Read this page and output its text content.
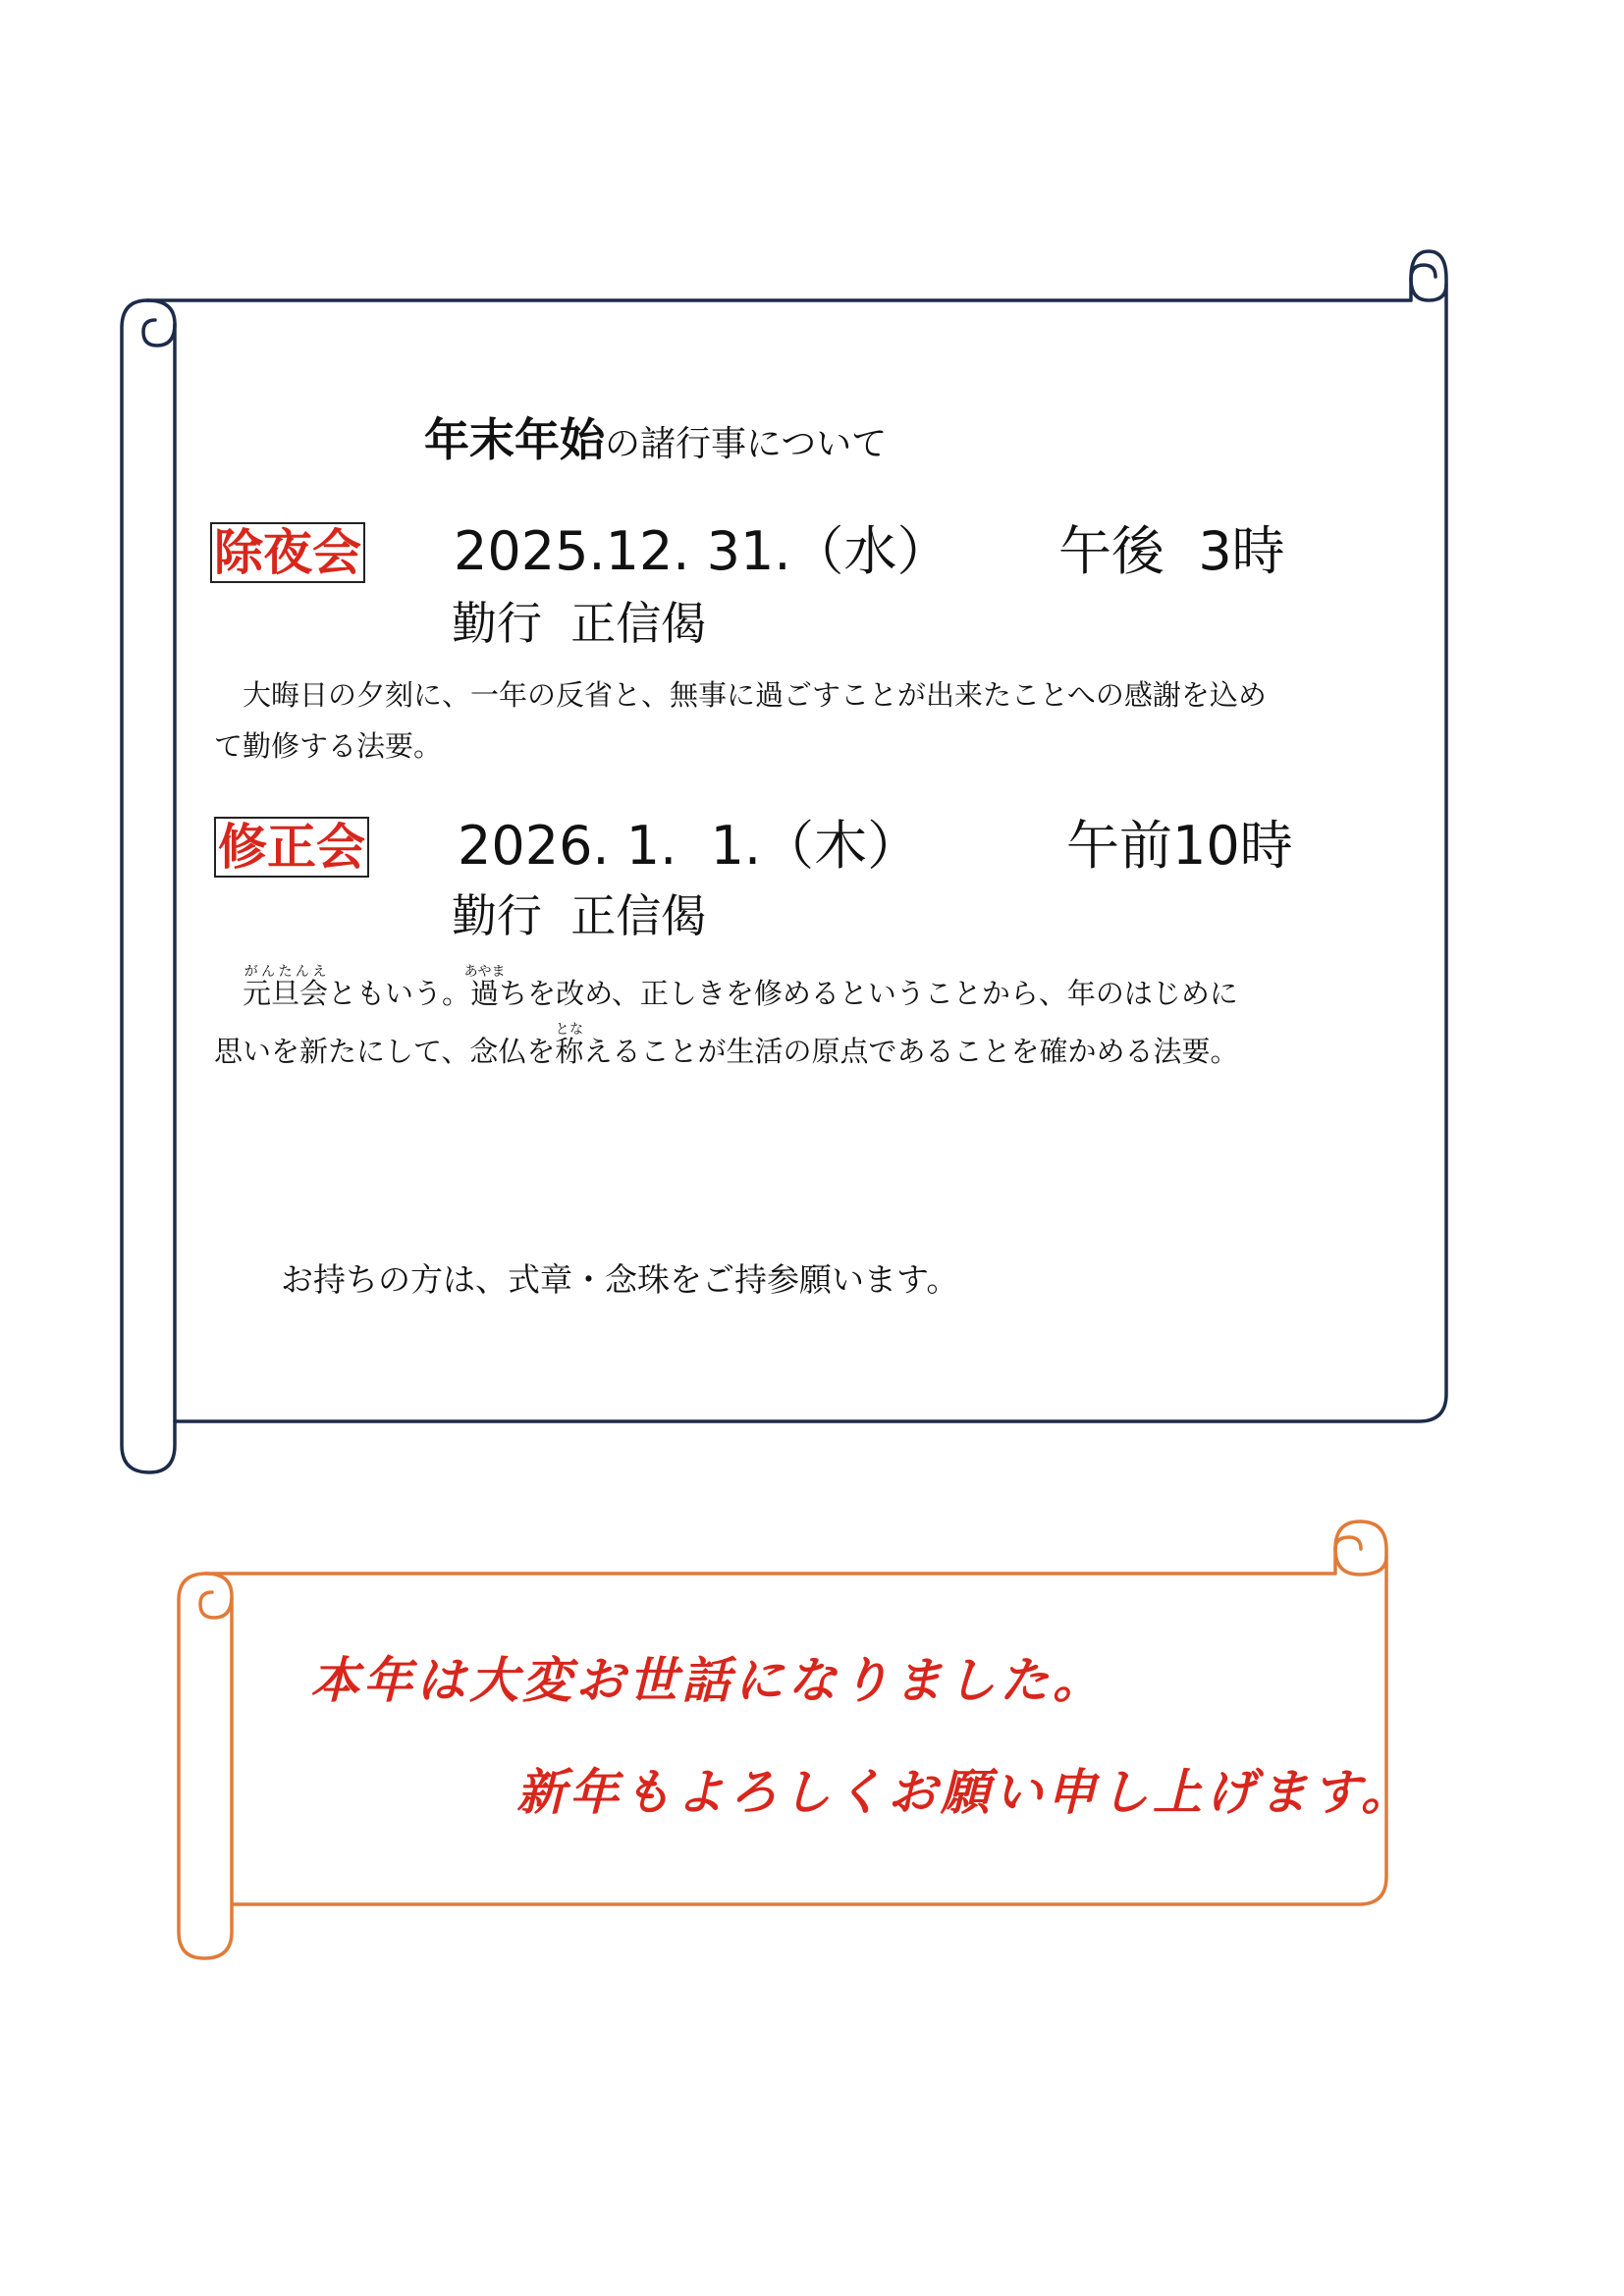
年末年始の諸行事について
除夜会 2025.12. 31.（水） 午後  3時
勤行  正信偈
　大晦日の夕刻に、一年の反省と、無事に過ごすことが出来たことへの感謝を込め
て勤修する法要。
修正会 2026. 1.  1.（木）	午前10時
勤行  正信偈
　元旦会がんたんえともいう。過あやまちを改め、正しきを修めるということから、年のはじめに
思いを新たにして、念仏を称となえることが生活の原点であることを確かめる法要。
お持ちの方は、式章・念珠をご持参願います。
本年は大変お世話になりました。
新年もよろしくお願い申し上げます。
